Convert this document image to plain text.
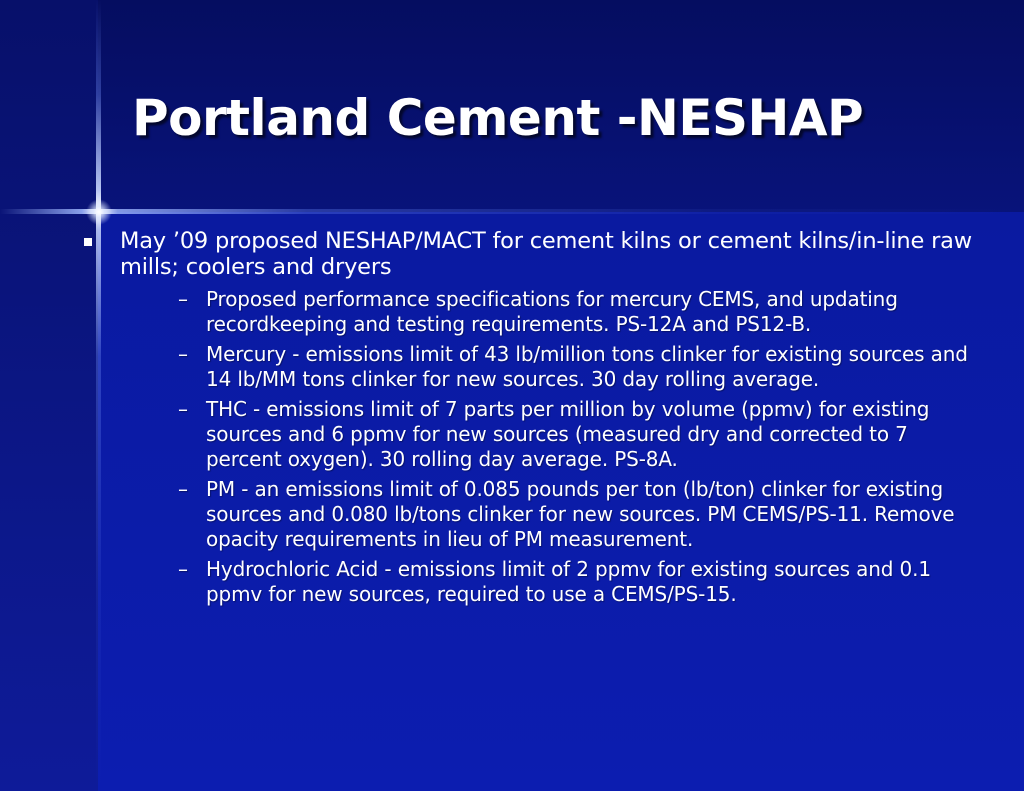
Portland Cement -NESHAP
May ’09 proposed NESHAP/MACT for cement kilns or cement kilns/in-line raw mills; coolers and dryers
– Proposed performance specifications for mercury CEMS, and updating recordkeeping and testing requirements. PS-12A and PS12-B.
– Mercury - emissions limit of 43 lb/million tons clinker for existing sources and 14 lb/MM tons clinker for new sources. 30 day rolling average.
– THC - emissions limit of 7 parts per million by volume (ppmv) for existing sources and 6 ppmv for new sources (measured dry and corrected to 7 percent oxygen). 30 rolling day average. PS-8A.
– PM - an emissions limit of 0.085 pounds per ton (lb/ton) clinker for existing sources and 0.080 lb/tons clinker for new sources. PM CEMS/PS-11. Remove opacity requirements in lieu of PM measurement.
– Hydrochloric Acid - emissions limit of 2 ppmv for existing sources and 0.1 ppmv for new sources, required to use a CEMS/PS-15.
